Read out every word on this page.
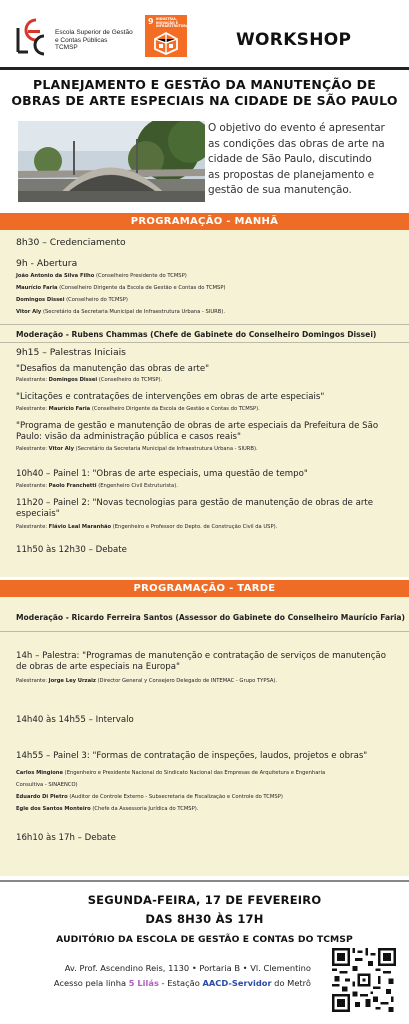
Escola Superior de Gestão
e Contas Públicas
TCMSP
9 INDÚSTRIA, INOVAÇÃO E INFRAESTRUTURA
WORKSHOP
PLANEJAMENTO E GESTÃO DA MANUTENÇÃO DE
OBRAS DE ARTE ESPECIAIS NA CIDADE DE SÃO PAULO
O objetivo do evento é apresentar
as condições das obras de arte na
cidade de São Paulo, discutindo
as propostas de planejamento e
gestão de sua manutenção.
PROGRAMAÇÃO - MANHÃ
8h30 – Credenciamento
9h - Abertura
João Antonio da Silva Filho (Conselheiro Presidente do TCMSP)
Maurício Faria (Conselheiro Dirigente da Escola de Gestão e Contas do TCMSP)
Domingos Dissei (Conselheiro do TCMSP)
Vitor Aly (Secretário da Secretaria Municipal de Infraestrutura Urbana - SIURB).
Moderação - Rubens Chammas (Chefe de Gabinete do Conselheiro Domingos Dissei)
9h15 – Palestras Iniciais
"Desafios da manutenção das obras de arte"
Palestrante: Domingos Dissei (Conselheiro do TCMSP).
"Licitações e contratações de intervenções em obras de arte especiais"
Palestrante: Maurício Faria (Conselheiro Dirigente da Escola de Gestão e Contas do TCMSP).
"Programa de gestão e manutenção de obras de arte especiais da Prefeitura de São Paulo: visão da administração pública e casos reais"
Palestrante: Vitor Aly (Secretário da Secretaria Municipal de Infraestrutura Urbana - SIURB).
10h40 – Painel 1: "Obras de arte especiais, uma questão de tempo"
Palestrante: Paolo Franchetti (Engenheiro Civil Estruturista).
11h20 – Painel 2: "Novas tecnologias para gestão de manutenção de obras de arte especiais"
Palestrante: Flávio Leal Maranhão (Engenheiro e Professor do Depto. de Construção Civil da USP).
11h50 às 12h30 – Debate
PROGRAMAÇÃO - TARDE
Moderação - Ricardo Ferreira Santos (Assessor do Gabinete do Conselheiro Maurício Faria)
14h – Palestra: "Programas de manutenção e contratação de serviços de manutenção de obras de arte especiais na Europa"
Palestrante: Jorge Ley Urzaiz (Director General y Consejero Delegado de INTEMAC - Grupo TYPSA).
14h40 às 14h55 – Intervalo
14h55 – Painel 3: "Formas de contratação de inspeções, laudos, projetos e obras"
Carlos Mingione (Engenheiro e Presidente Nacional do Sindicato Nacional das Empresas de Arquitetura e Engenharia
Consultiva - SINAENCO)
Eduardo Di Pietro (Auditor de Controle Externo - Subsecretaria de Fiscalização e Controle do TCMSP)
Egle dos Santos Monteiro (Chefe da Assessoria Jurídica do TCMSP).
16h10 às 17h – Debate
SEGUNDA-FEIRA, 17 DE FEVEREIRO
DAS 8H30 ÀS 17H
AUDITÓRIO DA ESCOLA DE GESTÃO E CONTAS DO TCMSP
Av. Prof. Ascendino Reis, 1130 • Portaria B • Vl. Clementino
Acesso pela linha 5 Lilás - Estação AACD-Servidor do Metrô
